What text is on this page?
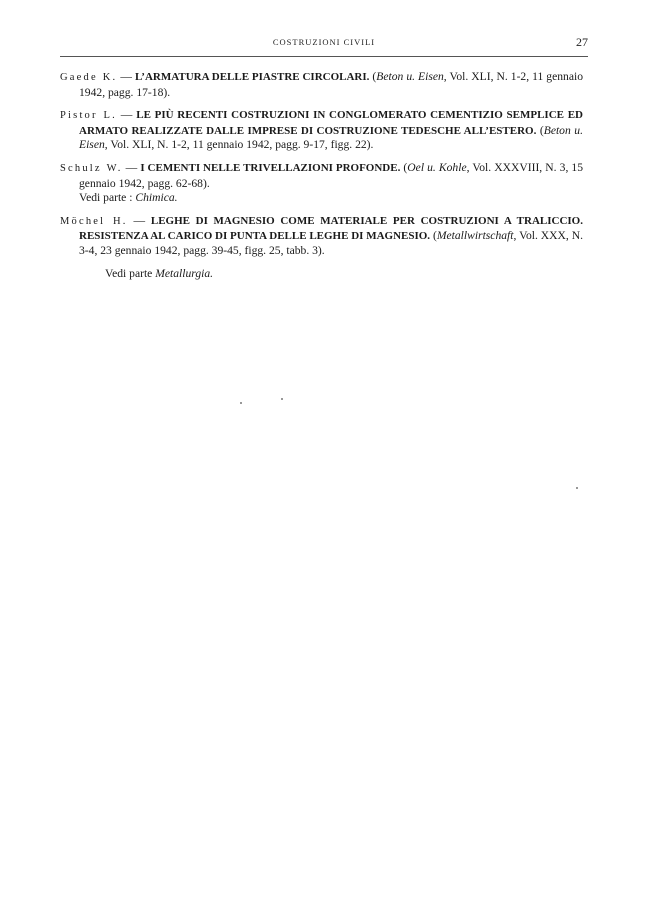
COSTRUZIONI CIVILI	27

Gaede K. — L’ARMATURA DELLE PIASTRE CIRCOLARI. (Beton u. Eisen, Vol. XLI, N. 1-2, 11 gennaio 1942, pagg. 17-18).

Pistor L. — LE PIÙ RECENTI COSTRUZIONI IN CONGLOMERATO CEMENTIZIO SEMPLICE ED ARMATO REALIZZATE DALLE IMPRESE DI COSTRUZIONE TEDESCHE ALL’ESTERO. (Beton u. Eisen, Vol. XLI, N. 1-2, 11 gennaio 1942, pagg. 9-17, figg. 22).

Schulz W. — I CEMENTI NELLE TRIVELLAZIONI PROFONDE. (Oel u. Kohle, Vol. XXXVIII, N. 3, 15 gennaio 1942, pagg. 62-68).

Vedi parte : Chimica.

Möchel H. — LEGHE DI MAGNESIO COME MATERIALE PER COSTRUZIONI A TRALICCIO. RESISTENZA AL CARICO DI PUNTA DELLE LEGHE DI MAGNESIO. (Metallwirtschaft, Vol. XXX, N. 3-4, 23 gennaio 1942, pagg. 39-45, figg. 25, tabb. 3).

Vedi parte Metallurgia.
